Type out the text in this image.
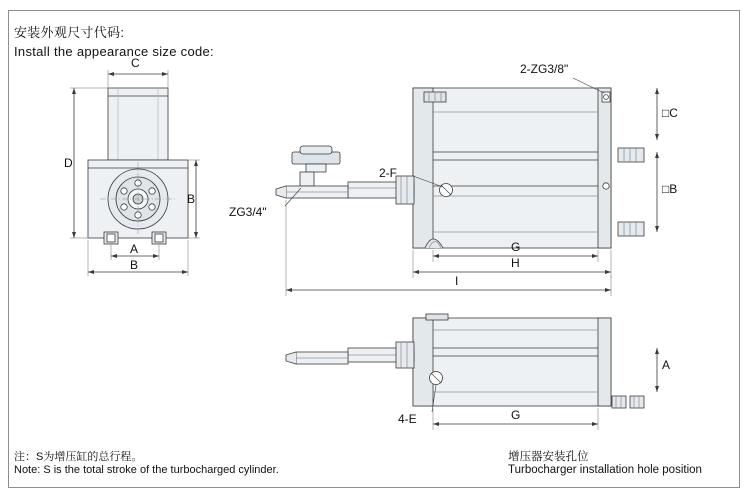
安装外观尺寸代码:
Install the appearance size code:
注：S为增压缸的总行程。
Note: S is the total stroke of the turbocharged cylinder.
增压器安装孔位
Turbocharger installation hole position
C
D
B
A
B
2-ZG3/8"
ZG3/4"
2-F
□C
□B
G
H
I
4-E
A
G
